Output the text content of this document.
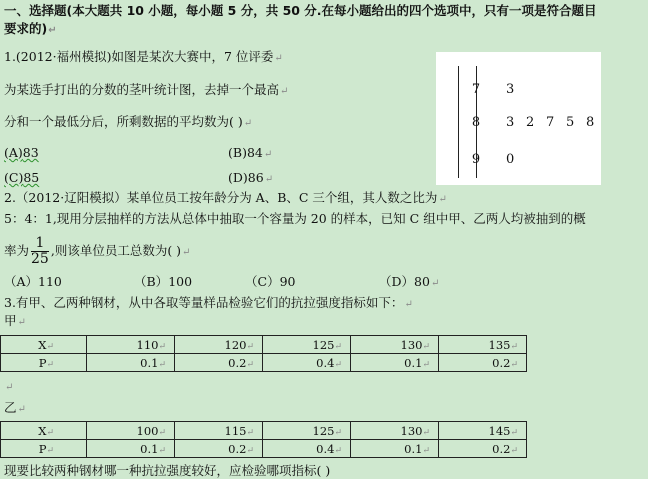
一、选择题(本大题共 10 小题，每小题 5 分，共 50 分.在每小题给出的四个选项中，只有一项是符合题目
要求的)↵
1.(2012·福州模拟)如图是某次大赛中，7 位评委↵
为某选手打出的分数的茎叶统计图，去掉一个最高↵
分和一个最低分后，所剩数据的平均数为( )↵
(A)83	(B)84↵
(C)85	(D)86↵
7 3
8 3 2 7 5 8
9 0
2.（2012·辽阳模拟）某单位员工按年龄分为 A、B、C 三个组，其人数之比为↵
5：4：1,现用分层抽样的方法从总体中抽取一个容量为 20 的样本，已知 C 组中甲、乙两人均被抽到的概
率为 $\frac{1}{25}$ ,则该单位员工总数为( )↵
（A）110	（B）100	（C）90	（D）80↵
3.有甲、乙两种钢材，从中各取等量样品检验它们的抗拉强度指标如下：↵
甲↵
X↵	110↵	120↵	125↵	130↵	135↵
P↵	0.1↵	0.2↵	0.4↵	0.1↵	0.2↵
↵
乙↵
X↵	100↵	115↵	125↵	130↵	145↵
P↵	0.1↵	0.2↵	0.4↵	0.1↵	0.2↵
现要比较两种钢材哪一种抗拉强度较好，应检验哪项指标( )
